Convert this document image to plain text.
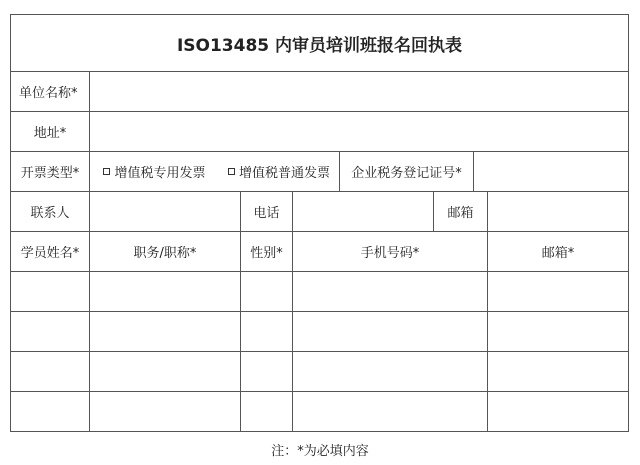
ISO13485 内审员培训班报名回执表
单位名称*
地址*
开票类型*	增值税专用发票	增值税普通发票	企业税务登记证号*
联系人	电话	邮箱
学员姓名*	职务/职称*	性别*	手机号码*	邮箱*
注：*为必填内容
